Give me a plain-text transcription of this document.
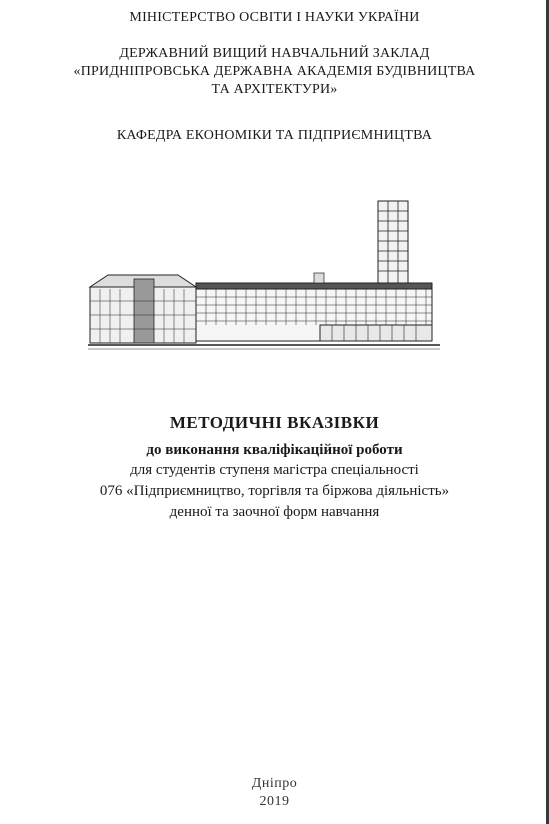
МІНІСТЕРСТВО ОСВІТИ І НАУКИ УКРАЇНИ
ДЕРЖАВНИЙ ВИЩИЙ НАВЧАЛЬНИЙ ЗАКЛАД
«ПРИДНІПРОВСЬКА ДЕРЖАВНА АКАДЕМІЯ БУДІВНИЦТВА
ТА АРХІТЕКТУРИ»
КАФЕДРА ЕКОНОМІКИ ТА ПІДПРИЄМНИЦТВА
МЕТОДИЧНІ ВКАЗІВКИ
до виконання кваліфікаційної роботи
для студентів ступеня магістра спеціальності
076 «Підприємництво, торгівля та біржова діяльність»
денної та заочної форм навчання
Дніпро
2019
